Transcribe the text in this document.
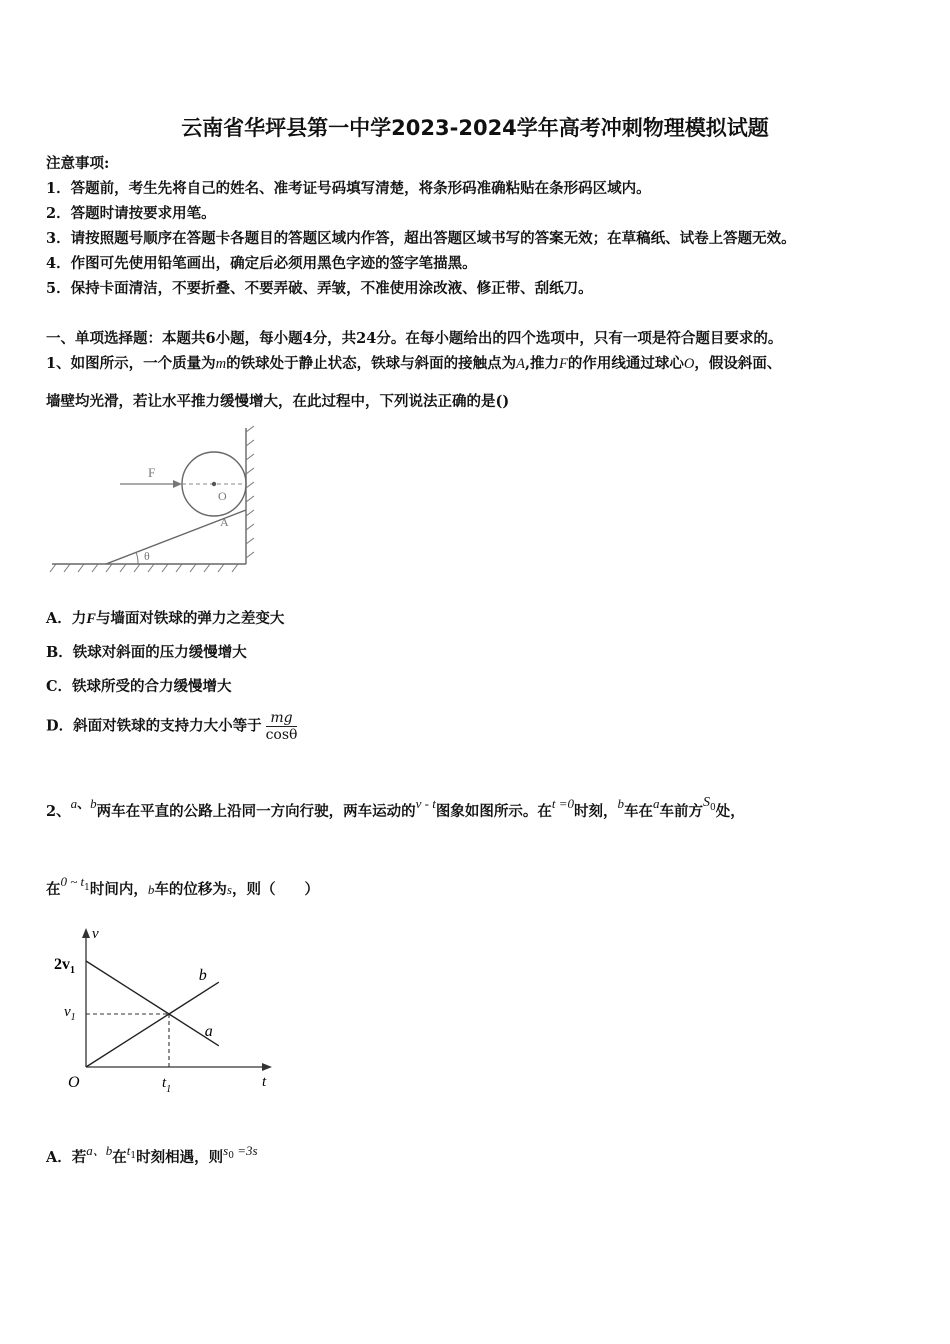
云南省华坪县第一中学2023-2024学年高考冲刺物理模拟试题
注意事项:
1．答题前，考生先将自己的姓名、准考证号码填写清楚，将条形码准确粘贴在条形码区域内。
2．答题时请按要求用笔。
3．请按照题号顺序在答题卡各题目的答题区域内作答，超出答题区域书写的答案无效；在草稿纸、试卷上答题无效。
4．作图可先使用铅笔画出，确定后必须用黑色字迹的签字笔描黑。
5．保持卡面清洁，不要折叠、不要弄破、弄皱，不准使用涂改液、修正带、刮纸刀。
一、单项选择题：本题共6小题，每小题4分，共24分。在每小题给出的四个选项中，只有一项是符合题目要求的。
1、如图所示，一个质量为m的铁球处于静止状态，铁球与斜面的接触点为A,推力F的作用线通过球心O，假设斜面、
墙壁均光滑，若让水平推力缓慢增大，在此过程中，下列说法正确的是()
F
O
A
θ
A．力F与墙面对铁球的弹力之差变大
B．铁球对斜面的压力缓慢增大
C．铁球所受的合力缓慢增大
D．斜面对铁球的支持力大小等于 $\frac{mg}{\cos\theta}$
2、a、b两车在平直的公路上沿同一方向行驶，两车运动的v - t图象如图所示。在t =0时刻，b车在a车前方$S^0$处，
在0 ~ $t^1$时间内，b车的位移为s，则（　　）
v
t
O
$2v_1$
$v_1$
$t_1$
a
b
A．若a、b在$t^1$时刻相遇，则$s^0 =3s$
